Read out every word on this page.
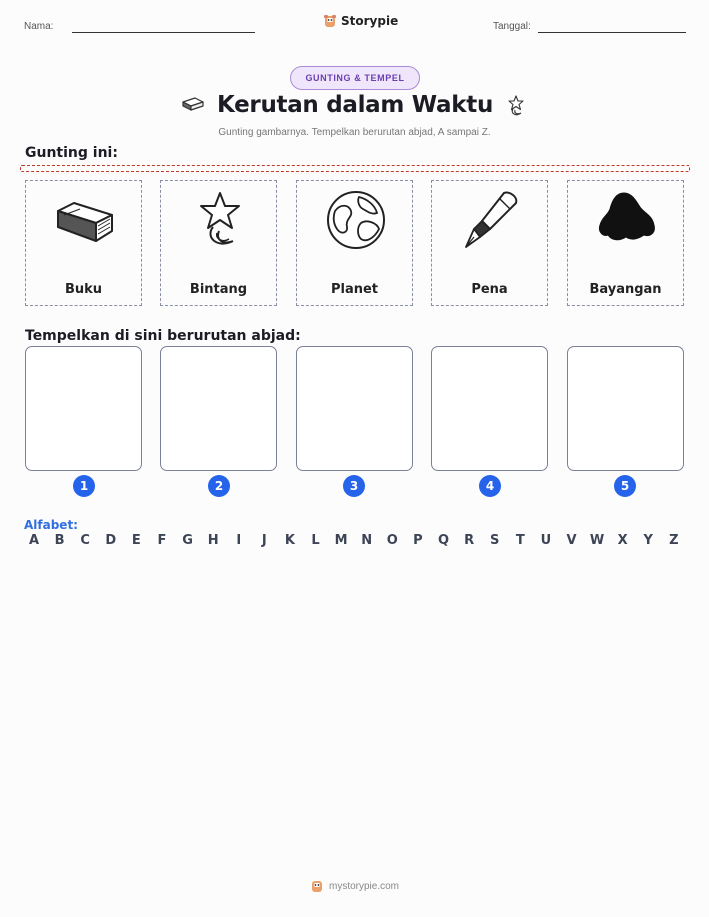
Nama:	Storypie	Tanggal:
GUNTING & TEMPEL
Kerutan dalam Waktu
Gunting gambarnya. Tempelkan berurutan abjad, A sampai Z.
Gunting ini:
Buku	Bintang	Planet	Pena	Bayangan
Tempelkan di sini berurutan abjad:
1	2	3	4	5
Alfabet:
A	B	C	D	E	F	G H	I	J	K	L	M N O	P	Q	R	S	T	U	V	W	X	Y	Z
mystorypie.com
